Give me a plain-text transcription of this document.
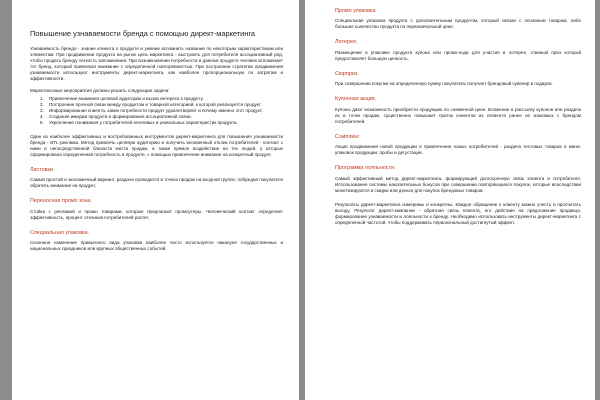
Повышение узнаваемости бренда с помощью директ-маркетинга

Узнаваемость бренда - знание клиента о продукте и умение вспомнить название по некоторым характеристикам или элементам. При продвижении продукта на рынок цель маркетинга - выстроить для потребителя ассоциативный ряд, чтобы продать бренду легкость запоминания. При возникновении потребности в данном продукте человек вспоминает тот бренд, который привлекал внимание с определенной повторяемостью. При построении стратегии продвижения узнаваемости используют инструменты директ-маркетинга, как наиболее пропорциональную по затратам и эффективности.

Маркетинговые мероприятия должны решить следующие задачи:

1. Привлечение внимания целевой аудитории и вызов интереса к продукту.
2. Построение прочной связи между продуктом и товарной категорией, к которой реализуется продукт.
3. Информирование клиента, какие потребности продукт удовлетворяет и почему именно этот продукт.
4. Создание имиджа продукта и формирование ассоциативной связи.
5. Укрепление понимания у потребителей ключевых и уникальных характеристик продукта.

Один из наиболее эффективных и востребованных инструментов директ-маркетинга для повышения узнаваемости бренда - BTL-реклама. Метод привлечь целевую аудиторию и получить мгновенный отклик потребителей - контакт с ними в непосредственной близости места продаж, а также прямое воздействие на тех людей, у которых сформирована определенная потребность в продукте, с помощью привлечения внимания на конкретный продукт.

Листовки.

Самый простой и экономичный вариант, раздача проводится в точках продаж на входной группе, побуждая покупателя обратить внимание на продукт.

Переносная промо зона.

Стойка с рекламой и промо товарами, которые предлагают промоутеры. Человеческий контакт определяет эффективность, процент откликов потребителей растет.

Специальная упаковка.

Сезонное изменение привычного вида упаковки наиболее часто используется накануне государственных и национальных праздников или крупных общественных событий.

Промо упаковка

Специальная упаковка продукта с дополнительным продуктом, который связан с основным товаром, либо большее количество продукта по первоначальной цене.

Лотерея.

Размещение в упаковке продукта купона или промо-кода для участия в лотерее, главный приз которой предоставляет большую ценность.

Сюрприз.

При совершении покупки на определенную сумму покупатель получает брендовый сувенир в подарок.

Купонная акция.

Купоны дают возможность приобрести продукцию по сниженной цене. Вложение в рассылку купонов или раздача их в точке продаж, существенно повышает приток клиентов из сегмента ранее не знакомых с брендом потребителей.

Сэмплинг

Акция продвижения новой продукции и привлечения новых потребителей - раздача тестовых товаров и мини-упаковок продукции, пробы и дегустации.

Программа лояльности.

Самый эффективный метод директ-маркетинга, формирующий долгосрочную связь клиента и потребителя. Использование системы накопительных бонусов при совершении повторяющихся покупок, которые впоследствии монетизируются в скидки или деньги для покупок брендовых товаров.

Результаты директ-маркетинга измеримы и конкретны. Каждое обращение к клиенту можно учесть и просчитать выгоду. Результат директ-кампании - обратная связь клиента, его действие на предложение продавца, формирование узнаваемости и лояльности к бренду. Необходимо использовать инструменты директ-маркетинга с определенной частотой, чтобы поддерживать первоначальный достигнутый эффект.
